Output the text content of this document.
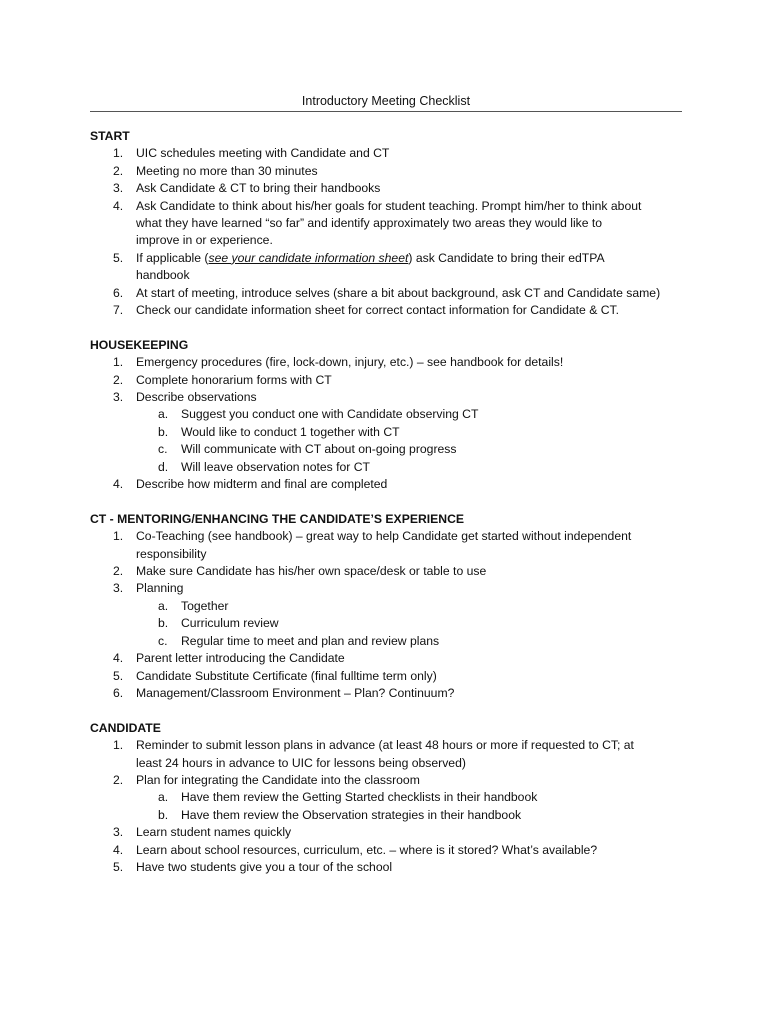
Introductory Meeting Checklist
START
1. UIC schedules meeting with Candidate and CT
2. Meeting no more than 30 minutes
3. Ask Candidate & CT to bring their handbooks
4. Ask Candidate to think about his/her goals for student teaching. Prompt him/her to think about
what they have learned “so far” and identify approximately two areas they would like to
improve in or experience.
5. If applicable (see your candidate information sheet) ask Candidate to bring their edTPA
handbook
6. At start of meeting, introduce selves (share a bit about background, ask CT and Candidate same)
7. Check our candidate information sheet for correct contact information for Candidate & CT.
HOUSEKEEPING
1. Emergency procedures (fire, lock-down, injury, etc.) – see handbook for details!
2. Complete honorarium forms with CT
3. Describe observations
a. Suggest you conduct one with Candidate observing CT
b. Would like to conduct 1 together with CT
c. Will communicate with CT about on-going progress
d. Will leave observation notes for CT
4. Describe how midterm and final are completed
CT - MENTORING/ENHANCING THE CANDIDATE’S EXPERIENCE
1. Co-Teaching (see handbook) – great way to help Candidate get started without independent
responsibility
2. Make sure Candidate has his/her own space/desk or table to use
3. Planning
a. Together
b. Curriculum review
c. Regular time to meet and plan and review plans
4. Parent letter introducing the Candidate
5. Candidate Substitute Certificate (final fulltime term only)
6. Management/Classroom Environment – Plan? Continuum?
CANDIDATE
1. Reminder to submit lesson plans in advance (at least 48 hours or more if requested to CT; at
least 24 hours in advance to UIC for lessons being observed)
2. Plan for integrating the Candidate into the classroom
a. Have them review the Getting Started checklists in their handbook
b. Have them review the Observation strategies in their handbook
3. Learn student names quickly
4. Learn about school resources, curriculum, etc. – where is it stored? What’s available?
5. Have two students give you a tour of the school
